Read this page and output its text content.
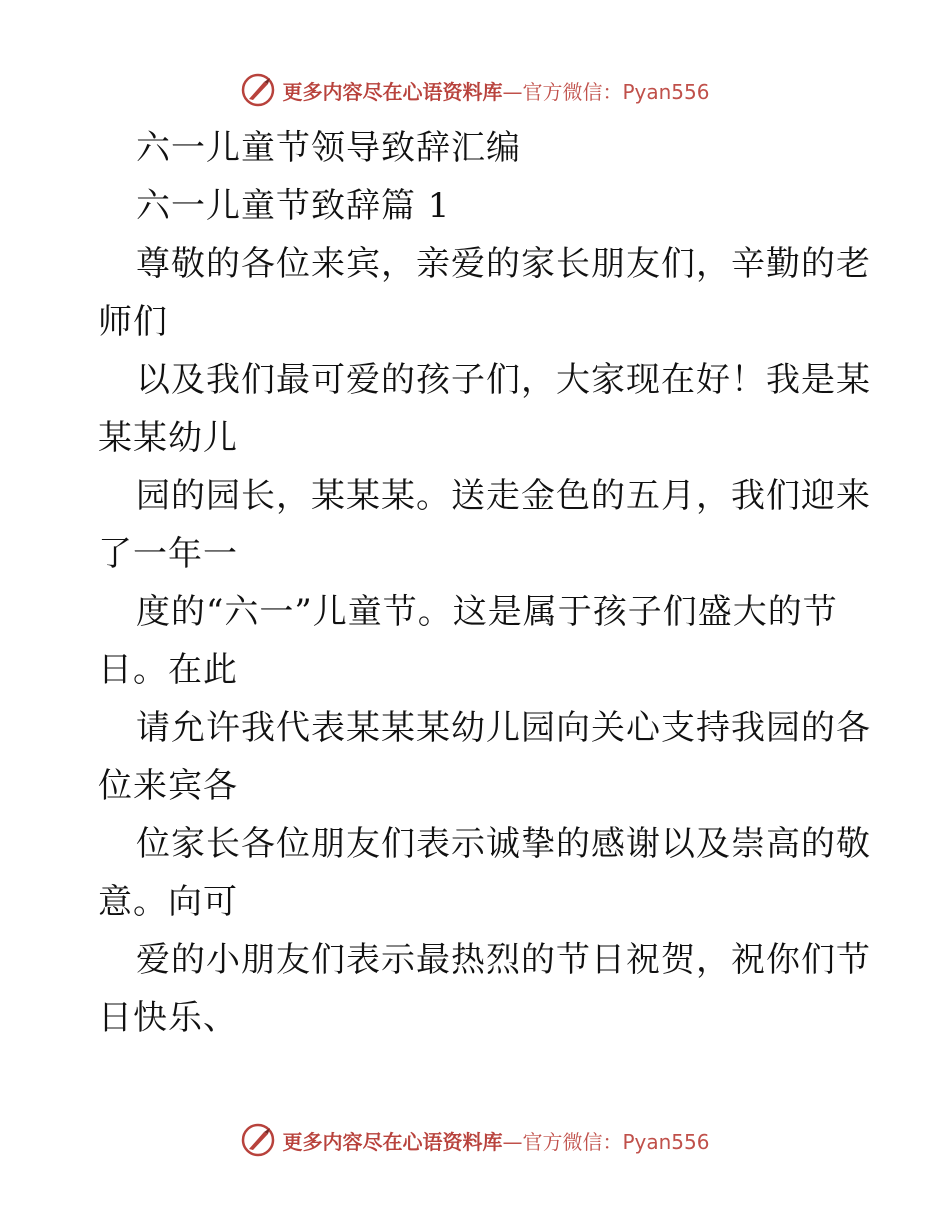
更多内容尽在心语资料库—官方微信：Pyan556
六一儿童节领导致辞汇编
六一儿童节致辞篇 1
尊敬的各位来宾，亲爱的家长朋友们，辛勤的老
师们
以及我们最可爱的孩子们，大家现在好！我是某
某某幼儿
园的园长，某某某。送走金色的五月，我们迎来
了一年一
度的“六一”儿童节。这是属于孩子们盛大的节
日。在此
请允许我代表某某某幼儿园向关心支持我园的各
位来宾各
位家长各位朋友们表示诚挚的感谢以及崇高的敬
意。向可
爱的小朋友们表示最热烈的节日祝贺，祝你们节
日快乐、
更多内容尽在心语资料库—官方微信：Pyan556
